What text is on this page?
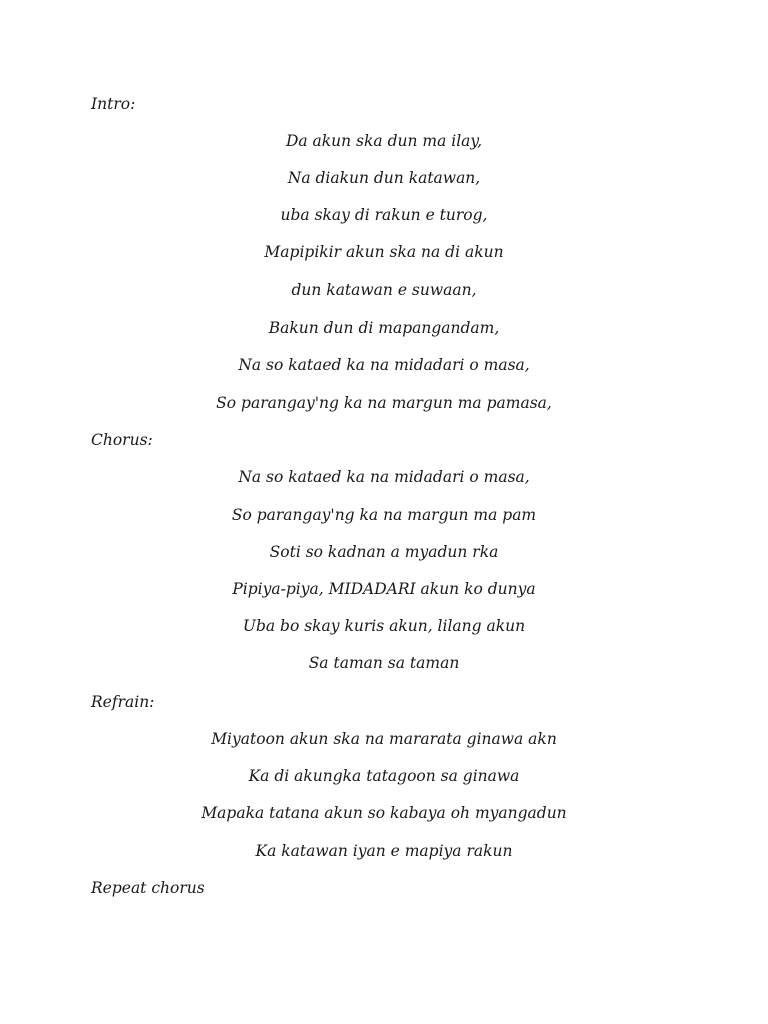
Intro:
Da akun ska dun ma ilay,
Na diakun dun katawan,
uba skay di rakun e turog,
Mapipikir akun ska na di akun
dun katawan e suwaan,
Bakun dun di mapangandam,
Na so kataed ka na midadari o masa,
So parangay'ng ka na margun ma pamasa,
Chorus:
Na so kataed ka na midadari o masa,
So parangay'ng ka na margun ma pam
Soti so kadnan a myadun rka
Pipiya-piya, MIDADARI akun ko dunya
Uba bo skay kuris akun, lilang akun
Sa taman sa taman
Refrain:
Miyatoon akun ska na mararata ginawa akn
Ka di akungka tatagoon sa ginawa
Mapaka tatana akun so kabaya oh myangadun
Ka katawan iyan e mapiya rakun
Repeat chorus
